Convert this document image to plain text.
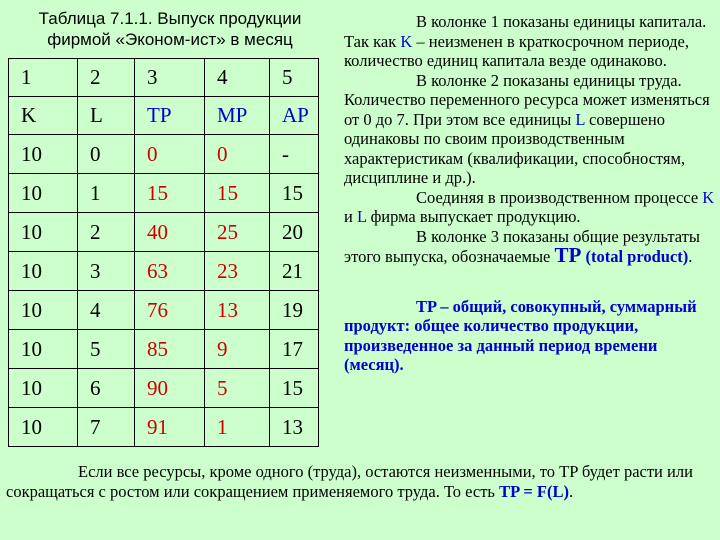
Таблица 7.1.1. Выпуск продукции
фирмой «Эконом-ист» в месяц
1	2	3	4	5
K	L	TP	MP	AP
10	0	0	0	-
10	1	15	15	15
10	2	40	25	20
10	3	63	23	21
10	4	76	13	19
10	5	85	9	17
10	6	90	5	15
10	7	91	1	13

В колонке 1 показаны единицы капитала. Так как K – неизменен в краткосрочном периоде, количество единиц капитала везде одинаково.

В колонке 2 показаны единицы труда. Количество переменного ресурса может изменяться от 0 до 7. При этом все единицы L совершено одинаковы по своим производственным характеристикам (квалификации, способностям, дисциплине и др.).

Соединяя в производственном процессе K и L фирма выпускает продукцию.

В колонке 3 показаны общие результаты этого выпуска, обозначаемые TP (total product).

TP – общий, совокупный, суммарный продукт: общее количество продукции, произведенное за данный период времени (месяц).

Если все ресурсы, кроме одного (труда), остаются неизменными, то TP будет расти или сокращаться с ростом или сокращением применяемого труда. То есть TP = F(L).
